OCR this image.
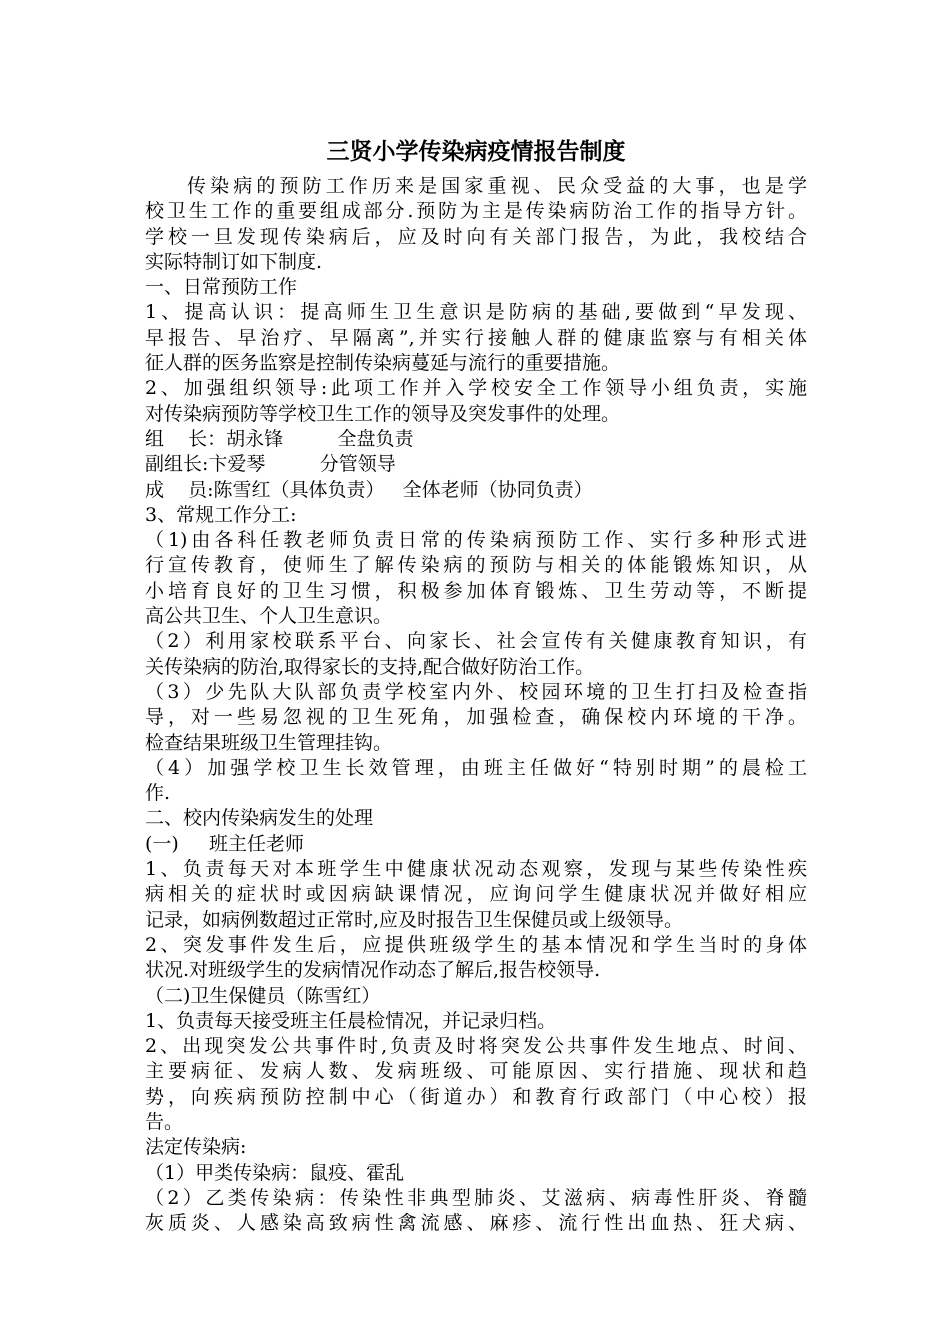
三贤小学传染病疫情报告制度
传染病的预防工作历来是国家重视、民众受益的大事，也是学
校卫生工作的重要组成部分.预防为主是传染病防治工作的指导方针。
学校一旦发现传染病后，应及时向有关部门报告，为此，我校结合
实际特制订如下制度.
一、日常预防工作
1、提高认识：提高师生卫生意识是防病的基础,要做到“早发现、
早报告、早治疗、早隔离”,并实行接触人群的健康监察与有相关体
征人群的医务监察是控制传染病蔓延与流行的重要措施。
2、加强组织领导:此项工作并入学校安全工作领导小组负责，实施
对传染病预防等学校卫生工作的领导及突发事件的处理。
组    长：胡永锋         全盘负责
副组长:卞爱琴         分管领导
成    员:陈雪红（具体负责）   全体老师（协同负责）
3、常规工作分工:
（1)由各科任教老师负责日常的传染病预防工作、实行多种形式进
行宣传教育，使师生了解传染病的预防与相关的体能锻炼知识，从
小培育良好的卫生习惯，积极参加体育锻炼、卫生劳动等，不断提
高公共卫生、个人卫生意识。
（2）利用家校联系平台、向家长、社会宣传有关健康教育知识，有
关传染病的防治,取得家长的支持,配合做好防治工作。
（3）少先队大队部负责学校室内外、校园环境的卫生打扫及检查指
导，对一些易忽视的卫生死角，加强检查，确保校内环境的干净。
检查结果班级卫生管理挂钩。
（4）加强学校卫生长效管理，由班主任做好“特别时期”的晨检工
作.
二、校内传染病发生的处理
(一)     班主任老师
1、负责每天对本班学生中健康状况动态观察，发现与某些传染性疾
病相关的症状时或因病缺课情况，应询问学生健康状况并做好相应
记录，如病例数超过正常时,应及时报告卫生保健员或上级领导。
2、突发事件发生后，应提供班级学生的基本情况和学生当时的身体
状况.对班级学生的发病情况作动态了解后,报告校领导.
（二)卫生保健员（陈雪红）
1、负责每天接受班主任晨检情况，并记录归档。
2、出现突发公共事件时,负责及时将突发公共事件发生地点、时间、
主要病征、发病人数、发病班级、可能原因、实行措施、现状和趋
势，向疾病预防控制中心（街道办）和教育行政部门（中心校）报
告。
法定传染病:
（1）甲类传染病：鼠疫、霍乱
（2）乙类传染病：传染性非典型肺炎、艾滋病、病毒性肝炎、脊髓
灰质炎、人感染高致病性禽流感、麻疹、流行性出血热、狂犬病、
